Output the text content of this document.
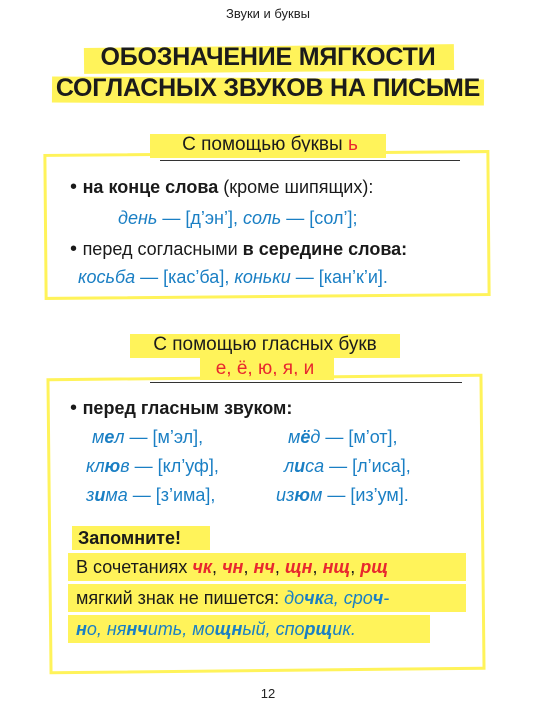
Звуки и буквы
ОБОЗНАЧЕНИЕ МЯГКОСТИ
СОГЛАСНЫХ ЗВУКОВ НА ПИСЬМЕ
С помощью буквы ь
• на конце слова (кроме шипящих):
день — [д’эн’], соль — [сол’];
• перед согласными в середине слова:
косьба — [кас’ба], коньки — [кан’к’и].
С помощью гласных букв
е, ё, ю, я, и
• перед гласным звуком:
мел — [м’эл],	мёд — [м’от],
клюв — [кл’уф],	лиса — [л’иса],
зима — [з’има],	изюм — [из’ум].
Запомните!
В сочетаниях чк, чн, нч, щн, нщ, рщ
мягкий знак не пишется: дочка, сроч-
но, нянчить, мощный, спорщик.
12
